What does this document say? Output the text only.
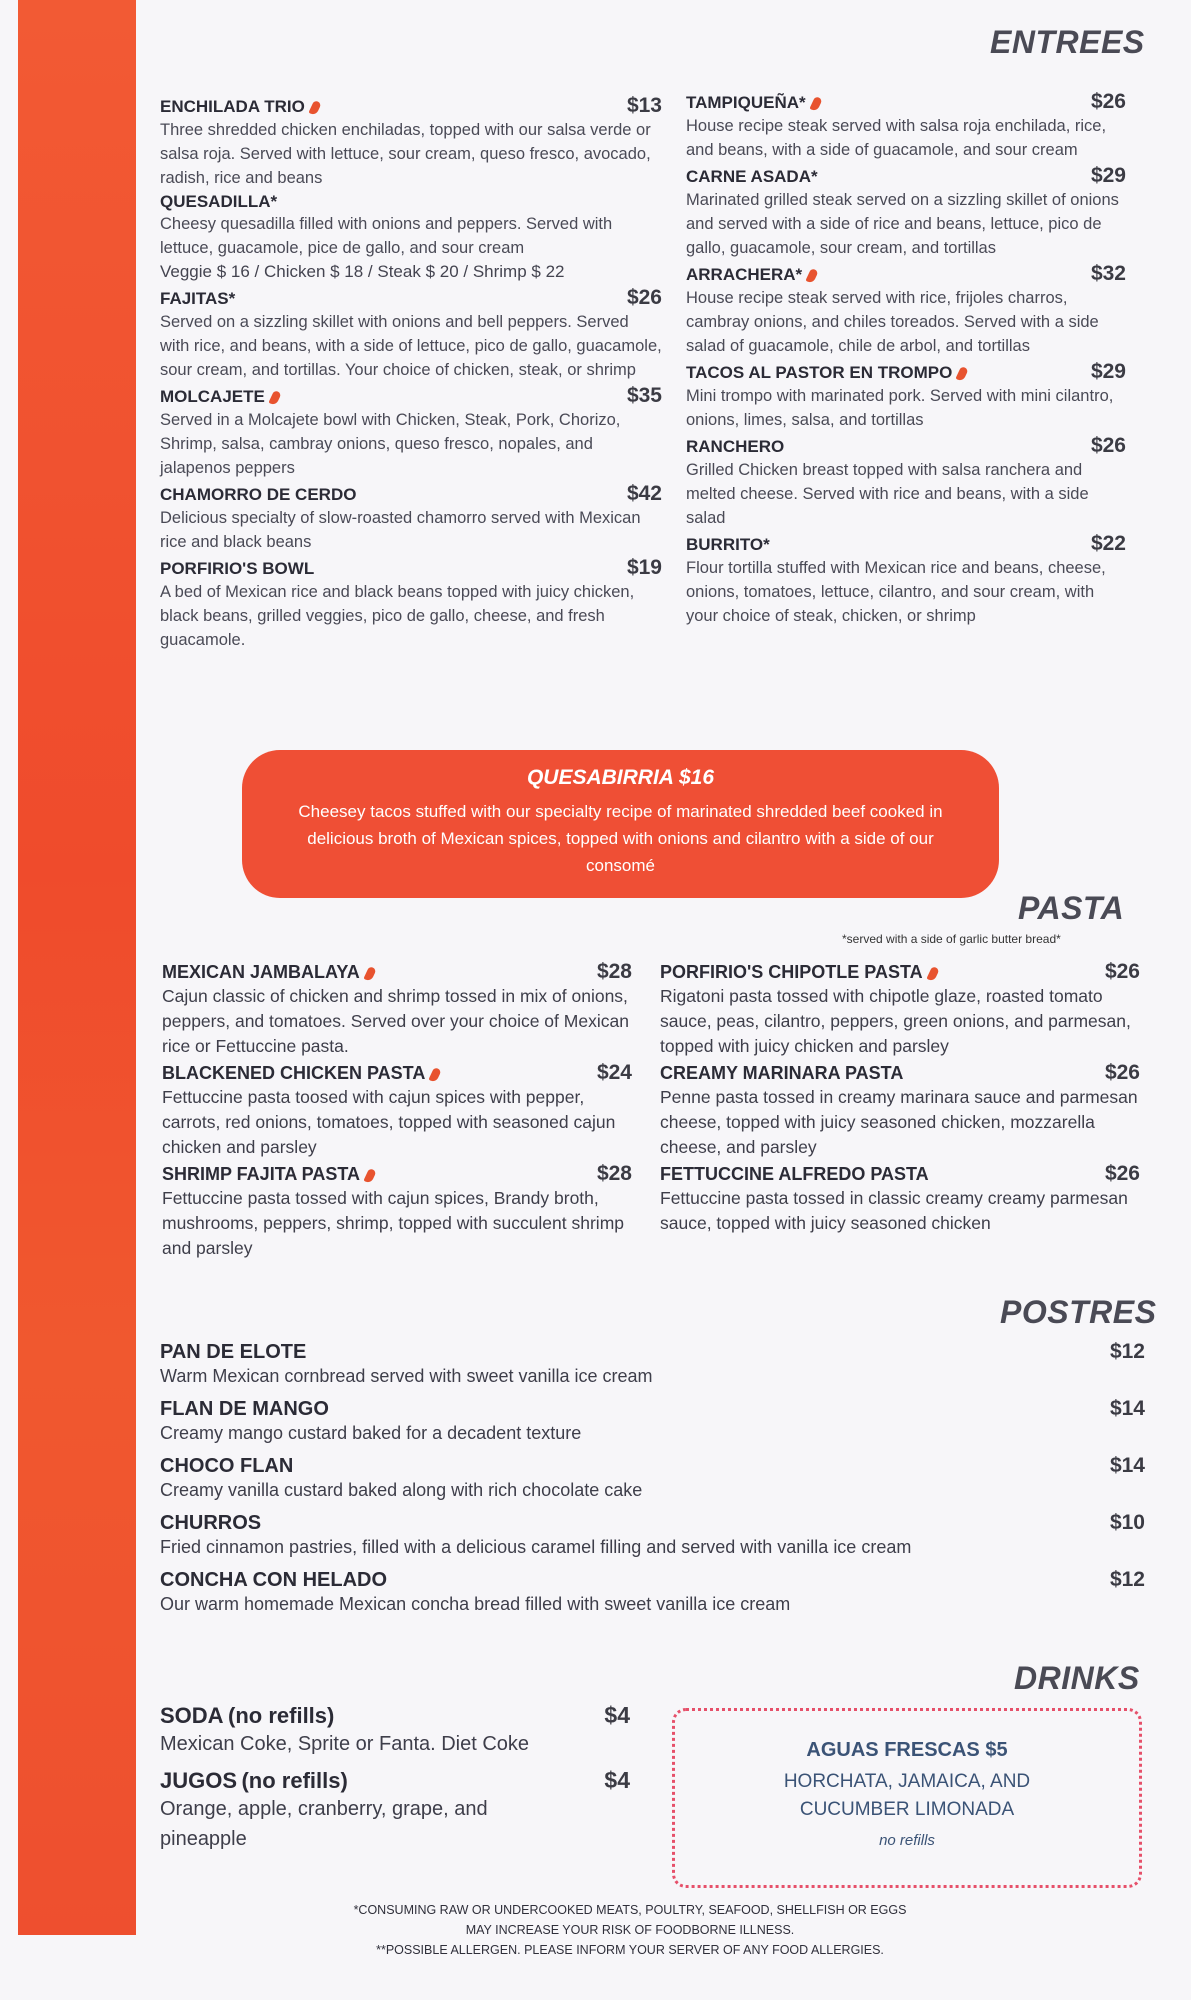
ENTREES
ENCHILADA TRIO	$13
Three shredded chicken enchiladas, topped with our salsa verde or salsa roja. Served with lettuce, sour cream, queso fresco, avocado, radish, rice and beans
QUESADILLA*
Cheesy quesadilla filled with onions and peppers. Served with lettuce, guacamole, pice de gallo, and sour cream
Veggie $ 16 / Chicken $ 18 / Steak $ 20 / Shrimp $ 22
FAJITAS*	$26
Served on a sizzling skillet with onions and bell peppers. Served with rice, and beans, with a side of lettuce, pico de gallo, guacamole, sour cream, and tortillas. Your choice of chicken, steak, or shrimp
MOLCAJETE	$35
Served in a Molcajete bowl with Chicken, Steak, Pork, Chorizo, Shrimp, salsa, cambray onions, queso fresco, nopales, and jalapenos peppers
CHAMORRO DE CERDO	$42
Delicious specialty of slow-roasted chamorro served with Mexican rice and black beans
PORFIRIO'S BOWL	$19
A bed of Mexican rice and black beans topped with juicy chicken, black beans, grilled veggies, pico de gallo, cheese, and fresh guacamole.
TAMPIQUEÑA*	$26
House recipe steak served with salsa roja enchilada, rice, and beans, with a side of guacamole, and sour cream
CARNE ASADA*	$29
Marinated grilled steak served on a sizzling skillet of onions and served with a side of rice and beans, lettuce, pico de gallo, guacamole, sour cream, and tortillas
ARRACHERA*	$32
House recipe steak served with rice, frijoles charros, cambray onions, and chiles toreados. Served with a side salad of guacamole, chile de arbol, and tortillas
TACOS AL PASTOR EN TROMPO	$29
Mini trompo with marinated pork. Served with mini cilantro, onions, limes, salsa, and tortillas
RANCHERO	$26
Grilled Chicken breast topped with salsa ranchera and melted cheese. Served with rice and beans, with a side salad
BURRITO*	$22
Flour tortilla stuffed with Mexican rice and beans, cheese, onions, tomatoes, lettuce, cilantro, and sour cream, with your choice of steak, chicken, or shrimp
QUESABIRRIA $16
Cheesey tacos stuffed with our specialty recipe of marinated shredded beef cooked in delicious broth of Mexican spices, topped with onions and cilantro with a side of our consomé
PASTA
*served with a side of garlic butter bread*
MEXICAN JAMBALAYA	$28
Cajun classic of chicken and shrimp tossed in mix of onions, peppers, and tomatoes. Served over your choice of Mexican rice or Fettuccine pasta.
BLACKENED CHICKEN PASTA	$24
Fettuccine pasta toosed with cajun spices with pepper, carrots, red onions, tomatoes, topped with seasoned cajun chicken and parsley
SHRIMP FAJITA PASTA	$28
Fettuccine pasta tossed with cajun spices, Brandy broth, mushrooms, peppers, shrimp, topped with succulent shrimp and parsley
PORFIRIO'S CHIPOTLE PASTA	$26
Rigatoni pasta tossed with chipotle glaze, roasted tomato sauce, peas, cilantro, peppers, green onions, and parmesan, topped with juicy chicken and parsley
CREAMY MARINARA PASTA	$26
Penne pasta tossed in creamy marinara sauce and parmesan cheese, topped with juicy seasoned chicken, mozzarella cheese, and parsley
FETTUCCINE ALFREDO PASTA	$26
Fettuccine pasta tossed in classic creamy creamy parmesan sauce, topped with juicy seasoned chicken
POSTRES
PAN DE ELOTE	$12
Warm Mexican cornbread served with sweet vanilla ice cream
FLAN DE MANGO	$14
Creamy mango custard baked for a decadent texture
CHOCO FLAN	$14
Creamy vanilla custard baked along with rich chocolate cake
CHURROS	$10
Fried cinnamon pastries, filled with a delicious caramel filling and served with vanilla ice cream
CONCHA CON HELADO	$12
Our warm homemade Mexican concha bread filled with sweet vanilla ice cream
DRINKS
SODA (no refills)	$4
Mexican Coke, Sprite or Fanta. Diet Coke
JUGOS (no refills)	$4
Orange, apple, cranberry, grape, and pineapple
AGUAS FRESCAS $5
HORCHATA, JAMAICA, AND
CUCUMBER LIMONADA
no refills
*CONSUMING RAW OR UNDERCOOKED MEATS, POULTRY, SEAFOOD, SHELLFISH OR EGGS
MAY INCREASE YOUR RISK OF FOODBORNE ILLNESS.
**POSSIBLE ALLERGEN. PLEASE INFORM YOUR SERVER OF ANY FOOD ALLERGIES.
